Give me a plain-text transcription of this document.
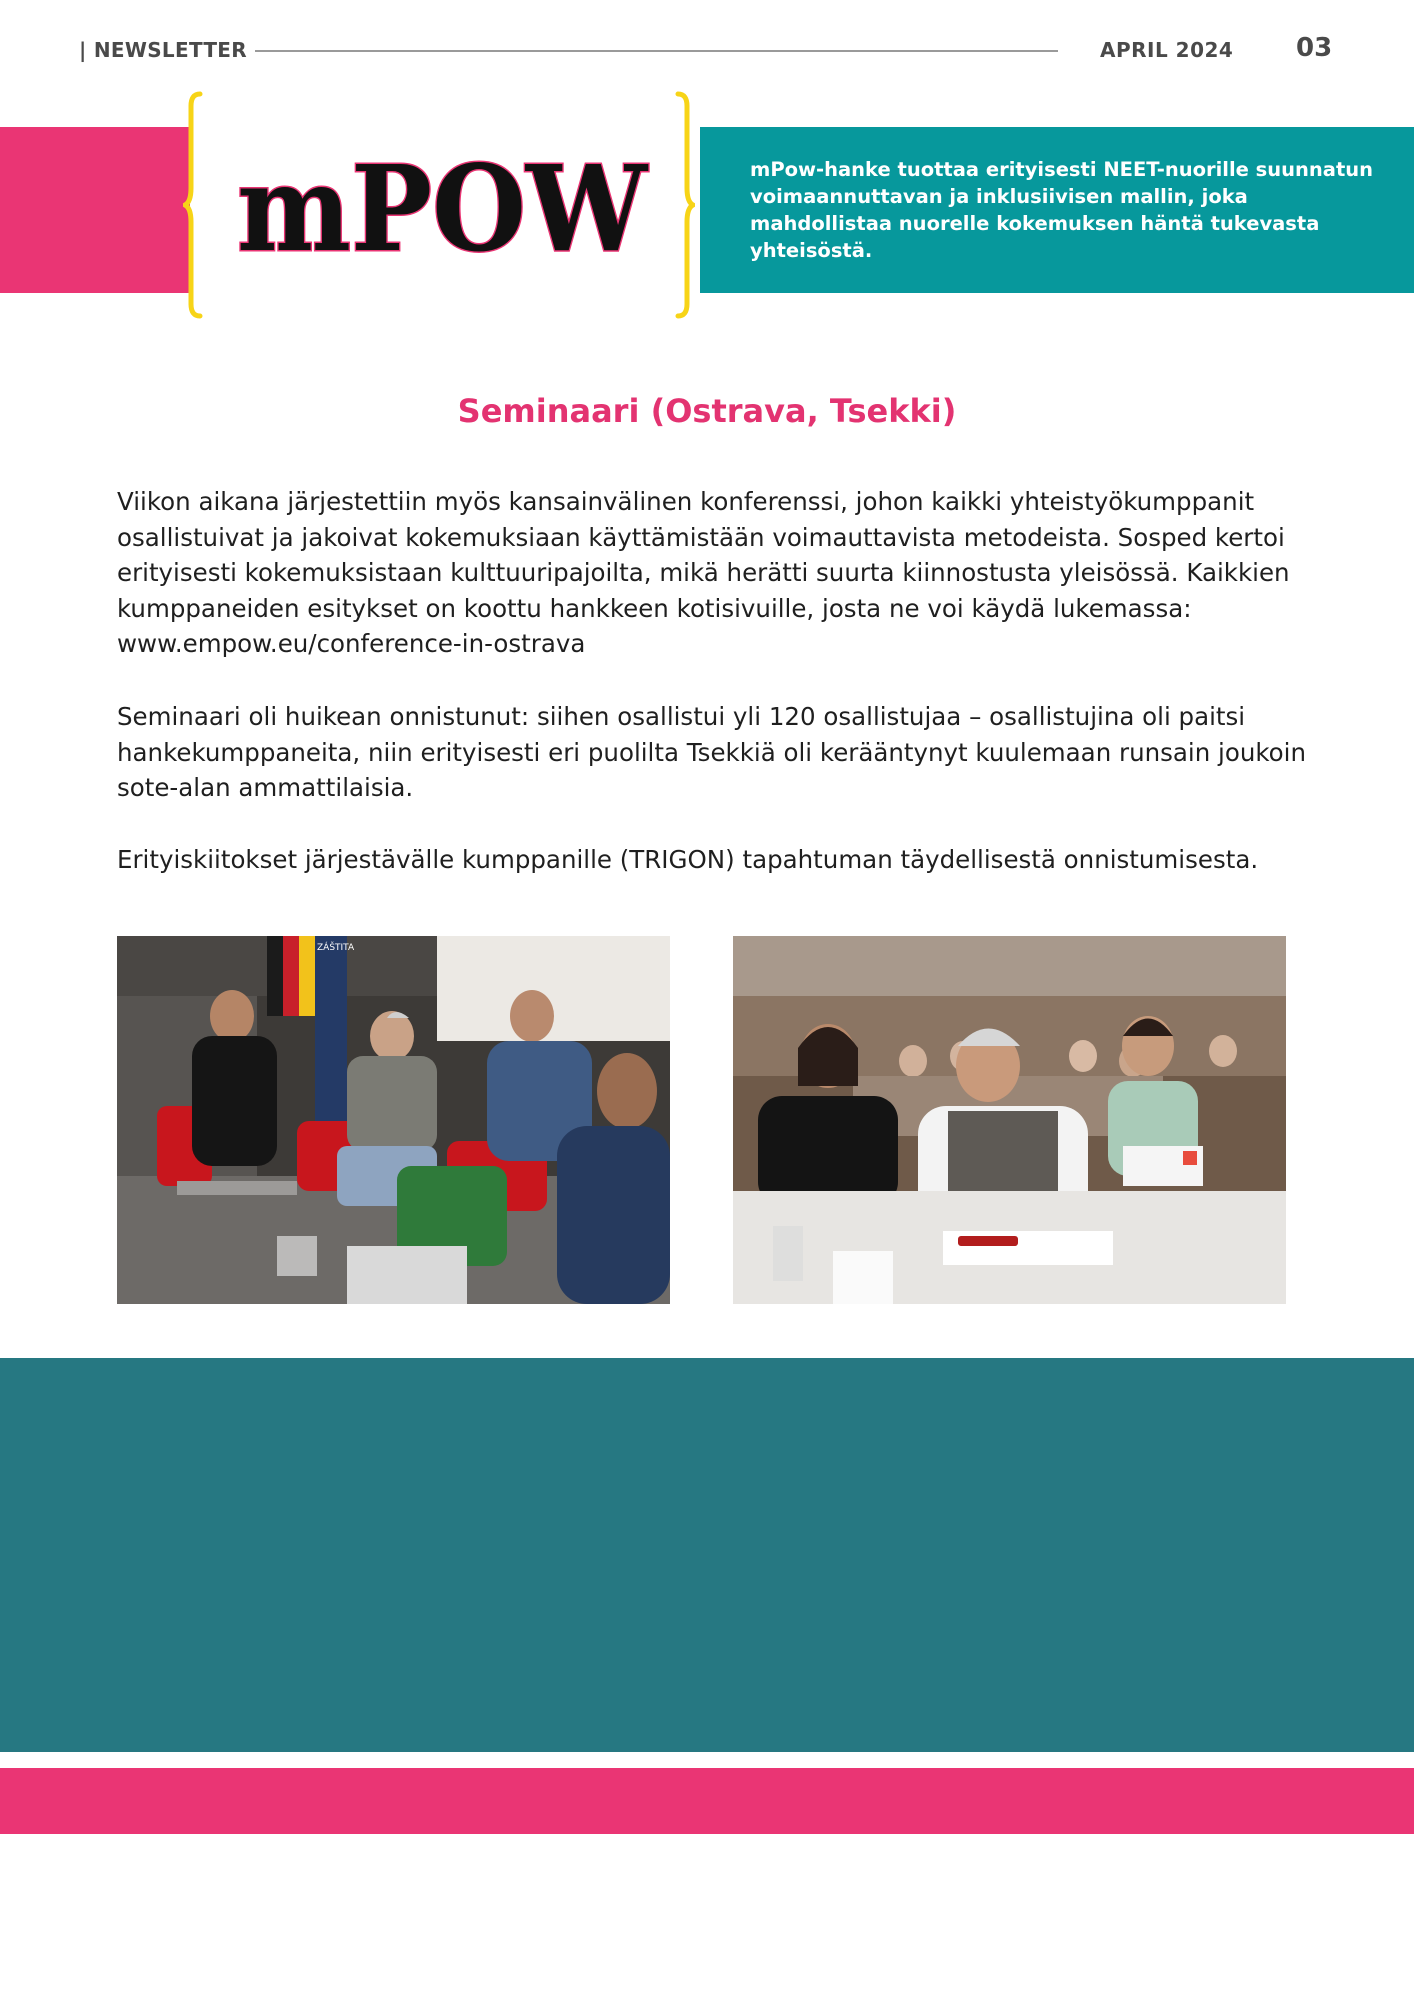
| NEWSLETTER	APRIL 2024 03
mPOW	mPow-hanke tuottaa erityisesti NEET-nuorille suunnatun voimaannuttavan ja inklusiivisen mallin, joka mahdollistaa nuorelle kokemuksen häntä tukevasta yhteisöstä.
Seminaari (Ostrava, Tsekki)

Viikon aikana järjestettiin myös kansainvälinen konferenssi, johon kaikki yhteistyökumppanit osallistuivat ja jakoivat kokemuksiaan käyttämistään voimauttavista metodeista. Sosped kertoi erityisesti kokemuksistaan kulttuuripajoilta, mikä herätti suurta kiinnostusta yleisössä. Kaikkien kumppaneiden esitykset on koottu hankkeen kotisivuille, josta ne voi käydä lukemassa: www.empow.eu/conference-in-ostrava

Seminaari oli huikean onnistunut: siihen osallistui yli 120 osallistujaa – osallistujina oli paitsi hankekumppaneita, niin erityisesti eri puolilta Tsekkiä oli kerääntynyt kuulemaan runsain joukoin sote-alan ammattilaisia.

Erityiskiitokset järjestävälle kumppanille (TRIGON) tapahtuman täydellisestä onnistumisesta.

ZÁŠTITA
